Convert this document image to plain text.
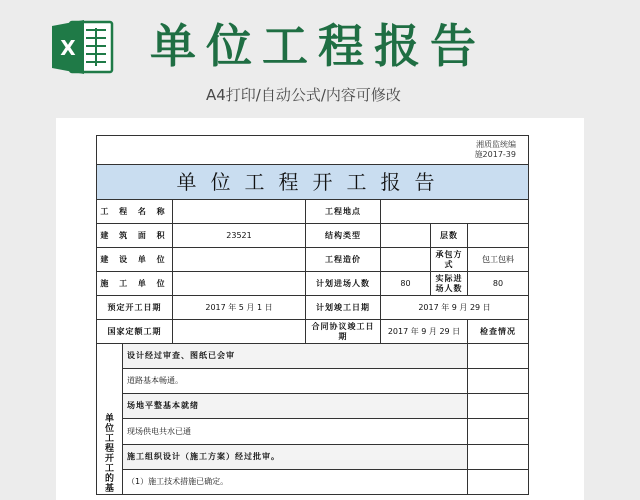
X 单位工程报告
A4打印/自动公式/内容可修改
湘质监统编
施2017-39						

单位工程开工报告						
工 程 名 称			工程地点			
建 筑 面 积		23521	结构类型		层数	
建 设 单 位			工程造价		承包方式	包工包料
施 工 单 位			计划进场人数	80	实际进场人数	80
预定开工日期		2017 年 5 月 1 日	计划竣工日期	2017 年 9 月 29 日		
国家定额工期			合同协议竣工日期	2017 年 9 月 29 日		检查情况

单位工程开工的基	设计经过审查、图纸已会审					
	道路基本畅通。					
	场地平整基本就绪					
	现场供电共水已通					
	施工组织设计（施工方案）经过批审。					
	（1）施工技术措施已确定。					
